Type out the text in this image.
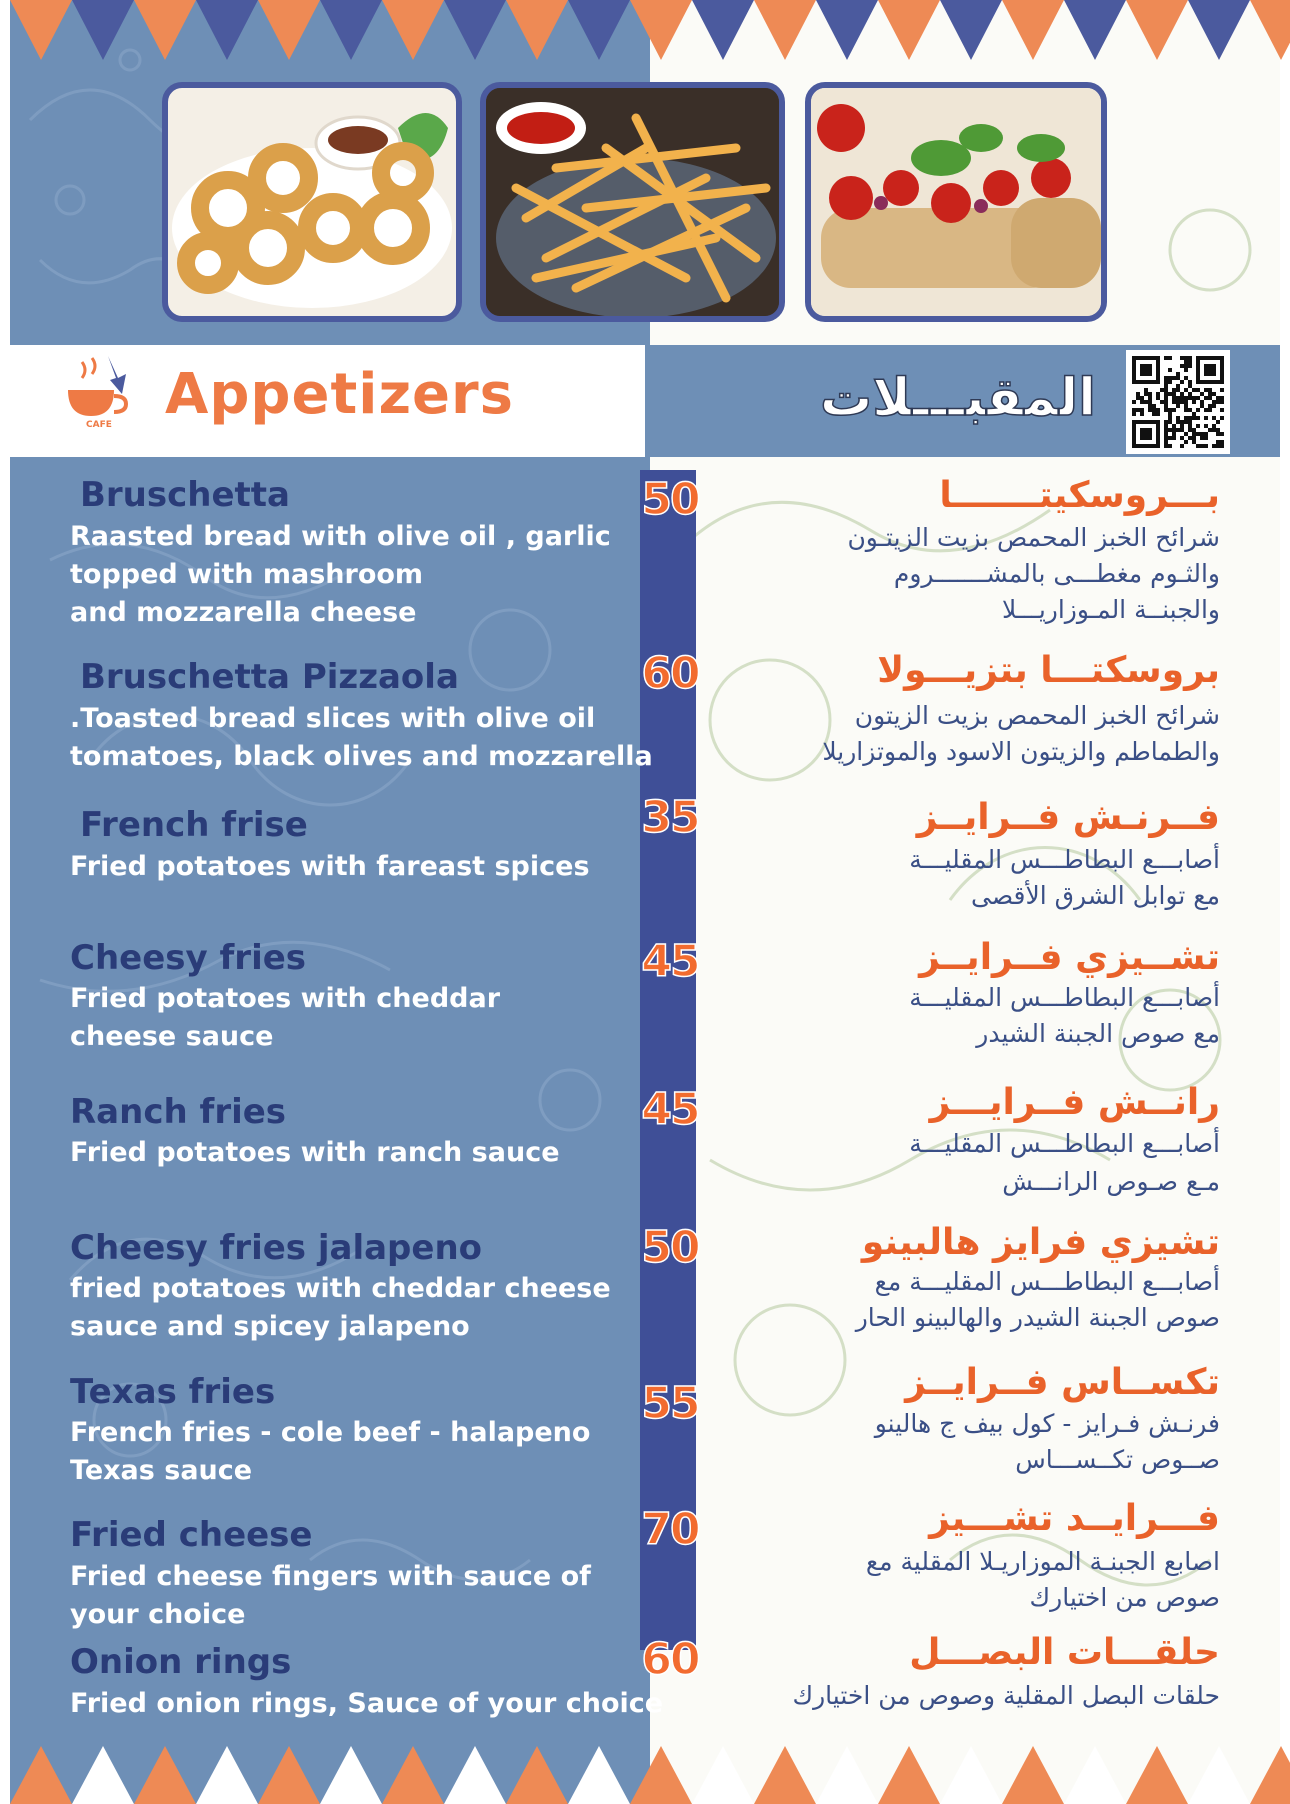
CAFE Appetizers	المقبـــلات
Bruschetta
Raasted bread with olive oil , garlic
topped with mashroom
and mozzarella cheese
50	بـــروسكيتـــــــا
شرائح الخبز المحمص بزيت الزيتـون
والثـوم مغطـــى بالمشـــــــروم
والجبنــة المـوزاريـــلا
Bruschetta Pizzaola
.Toasted bread slices with olive oil
tomatoes, black olives and mozzarella
60	بروسكتـــا بتزيـــولا
شرائح الخبز المحمص بزيت الزيتون
والطماطم والزيتون الاسود والموتزاريلا
French frise
Fried potatoes with fareast spices
35	فــرنـش فــرايــز
أصابـــع البطاطـــس المقليـــة
مع توابل الشرق الأقصى
Cheesy fries
Fried potatoes with cheddar
cheese sauce
45	تشــيزي فــرايــز
أصابـــع البطاطـــس المقليـــة
مع صوص الجبنة الشيدر
Ranch fries
Fried potatoes with ranch sauce
45	رانــش فــرايـــز
أصابـــع البطاطـــس المقليـــة
مـع صـوص الرانـــش
Cheesy fries jalapeno
fried potatoes with cheddar cheese
sauce and spicey jalapeno
50	تشيزي فرايز هالبينو
أصابـــع البطاطـــس المقليـــة مع
صوص الجبنة الشيدر والهالبينو الحار
Texas fries
French fries - cole beef - halapeno
Texas sauce
55	تكســاس فــرايــز
فرنـش فـرايز - كول بيف ج هالينو
صــوص تكــســـاس
Fried cheese
Fried cheese fingers with sauce of
your choice
70	فـــرايــد تشـــيز
اصابع الجبنـة الموزاريـلا المقلية مع
صوص من اختيارك
Onion rings
Fried onion rings, Sauce of your choice
60	حلقـــات البصـــل
حلقات البصل المقلية وصوص من اختيارك
